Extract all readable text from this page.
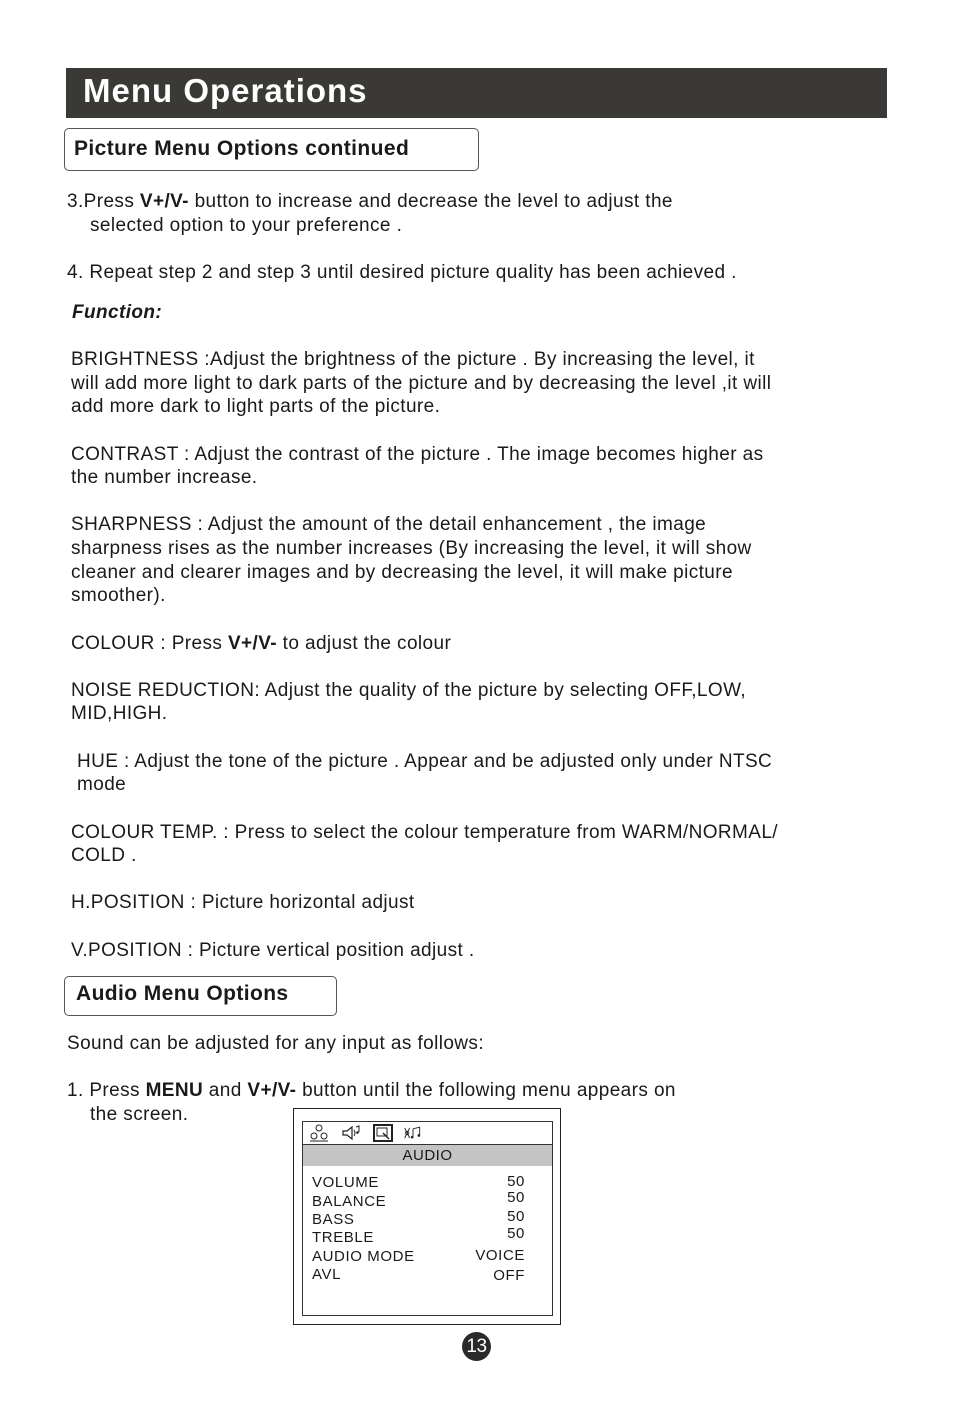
Menu Operations
Picture Menu Options continued

3.Press V+/V- button to increase and decrease the level to adjust the

selected option to your preference .

4. Repeat step 2 and step 3 until desired picture quality has been achieved .

Function:

BRIGHTNESS :Adjust the brightness of the picture . By increasing the level, it

will add more light to dark parts of the picture and by decreasing the level ,it will

add more dark to light parts of the picture.

CONTRAST : Adjust the contrast of the picture . The image becomes higher as

the number increase.

SHARPNESS : Adjust the amount of the detail enhancement , the image

sharpness rises as the number increases (By increasing the level, it will show

cleaner and clearer images and by decreasing the level, it will make picture

smoother).

COLOUR : Press V+/V- to adjust the colour

NOISE REDUCTION: Adjust the quality of the picture by selecting OFF,LOW,

MID,HIGH.

HUE : Adjust the tone of the picture . Appear and be adjusted only under NTSC

mode

COLOUR TEMP. : Press to select the colour temperature from WARM/NORMAL/

COLD .

H.POSITION : Picture horizontal adjust

V.POSITION : Picture vertical position adjust .

Audio Menu Options

Sound can be adjusted for any input as follows:

1. Press MENU and V+/V- button until the following menu appears on

the screen.

AUDIO
VOLUME	50
BALANCE	50
BASS	50
TREBLE	50
AUDIO MODE	VOICE
AVL	OFF
13
